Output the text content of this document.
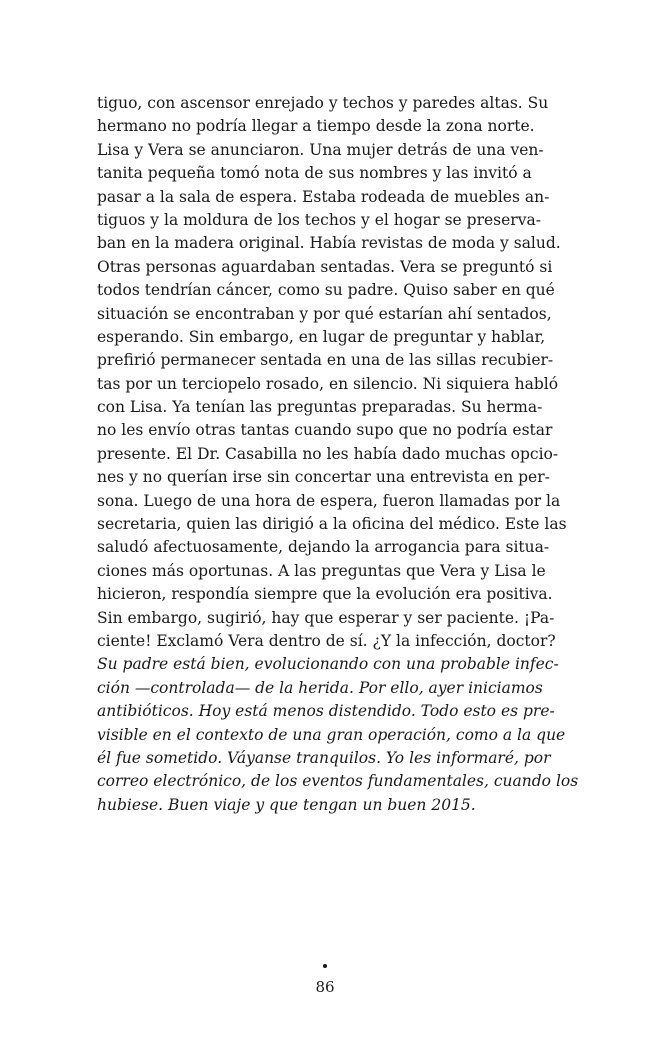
tiguo, con ascensor enrejado y techos y paredes altas. Su
hermano no podría llegar a tiempo desde la zona norte.
Lisa y Vera se anunciaron. Una mujer detrás de una ven-
tanita pequeña tomó nota de sus nombres y las invitó a
pasar a la sala de espera. Estaba rodeada de muebles an-
tiguos y la moldura de los techos y el hogar se preserva-
ban en la madera original. Había revistas de moda y salud.
Otras personas aguardaban sentadas. Vera se preguntó si
todos tendrían cáncer, como su padre. Quiso saber en qué
situación se encontraban y por qué estarían ahí sentados,
esperando. Sin embargo, en lugar de preguntar y hablar,
prefirió permanecer sentada en una de las sillas recubier-
tas por un terciopelo rosado, en silencio. Ni siquiera habló
con Lisa. Ya tenían las preguntas preparadas. Su herma-
no les envío otras tantas cuando supo que no podría estar
presente. El Dr. Casabilla no les había dado muchas opcio-
nes y no querían irse sin concertar una entrevista en per-
sona. Luego de una hora de espera, fueron llamadas por la
secretaria, quien las dirigió a la oficina del médico. Este las
saludó afectuosamente, dejando la arrogancia para situa-
ciones más oportunas. A las preguntas que Vera y Lisa le
hicieron, respondía siempre que la evolución era positiva.
Sin embargo, sugirió, hay que esperar y ser paciente. ¡Pa-
ciente! Exclamó Vera dentro de sí. ¿Y la infección, doctor?
Su padre está bien, evolucionando con una probable infec-
ción —controlada— de la herida. Por ello, ayer iniciamos
antibióticos. Hoy está menos distendido. Todo esto es pre-
visible en el contexto de una gran operación, como a la que
él fue sometido. Váyanse tranquilos. Yo les informaré, por
correo electrónico, de los eventos fundamentales, cuando los
hubiese. Buen viaje y que tengan un buen 2015.
86
